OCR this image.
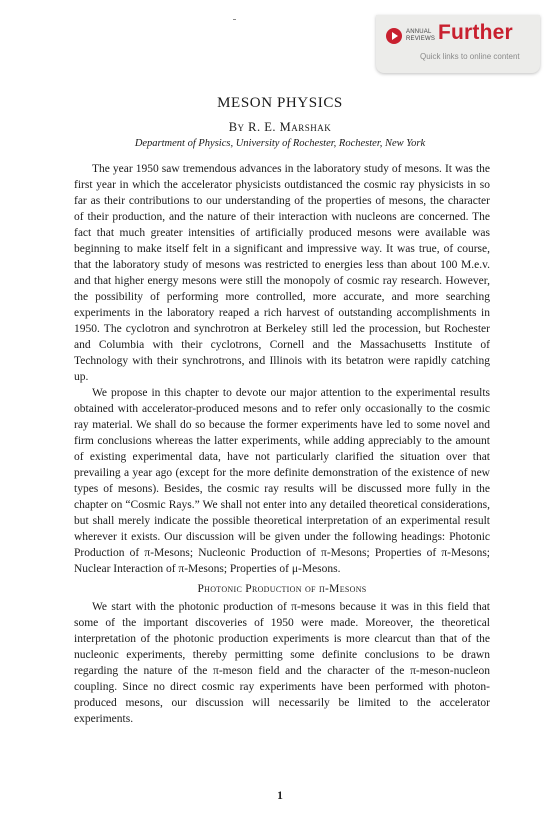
ANNUAL
REVIEWS Further
Quick links to online content
MESON PHYSICS
By R. E. Marshak
Department of Physics, University of Rochester, Rochester, New York

The year 1950 saw tremendous advances in the laboratory study of mesons. It was the first year in which the accelerator physicists outdistanced the cosmic ray physicists in so far as their contributions to our understanding of the properties of mesons, the character of their production, and the nature of their interaction with nucleons are concerned. The fact that much greater intensities of artificially produced mesons were available was beginning to make itself felt in a significant and impressive way. It was true, of course, that the laboratory study of mesons was restricted to energies less than about 100 M.e.v. and that higher energy mesons were still the monopoly of cosmic ray research. However, the possibility of performing more controlled, more accurate, and more searching experiments in the laboratory reaped a rich harvest of outstanding accomplishments in 1950. The cyclotron and synchrotron at Berkeley still led the procession, but Rochester and Columbia with their cyclotrons, Cornell and the Massachusetts Institute of Technology with their synchrotrons, and Illinois with its betatron were rapidly catching up.

We propose in this chapter to devote our major attention to the experimental results obtained with accelerator-produced mesons and to refer only occasionally to the cosmic ray material. We shall do so because the former experiments have led to some novel and firm conclusions whereas the latter experiments, while adding appreciably to the amount of existing experimental data, have not particularly clarified the situation over that prevailing a year ago (except for the more definite demonstration of the existence of new types of mesons). Besides, the cosmic ray results will be discussed more fully in the chapter on “Cosmic Rays.” We shall not enter into any detailed theoretical considerations, but shall merely indicate the possible theoretical interpretation of an experimental result wherever it exists. Our discussion will be given under the following headings: Photonic Production of π-Mesons; Nucleonic Production of π-Mesons; Properties of π-Mesons; Nuclear Interaction of π-Mesons; Properties of μ-Mesons.

Photonic Production of π-Mesons

We start with the photonic production of π-mesons because it was in this field that some of the important discoveries of 1950 were made. Moreover, the theoretical interpretation of the photonic production experiments is more clearcut than that of the nucleonic experiments, thereby permitting some definite conclusions to be drawn regarding the nature of the π-meson field and the character of the π-meson-nucleon coupling. Since no direct cosmic ray experiments have been performed with photon-produced mesons, our discussion will necessarily be limited to the accelerator experiments.

1
